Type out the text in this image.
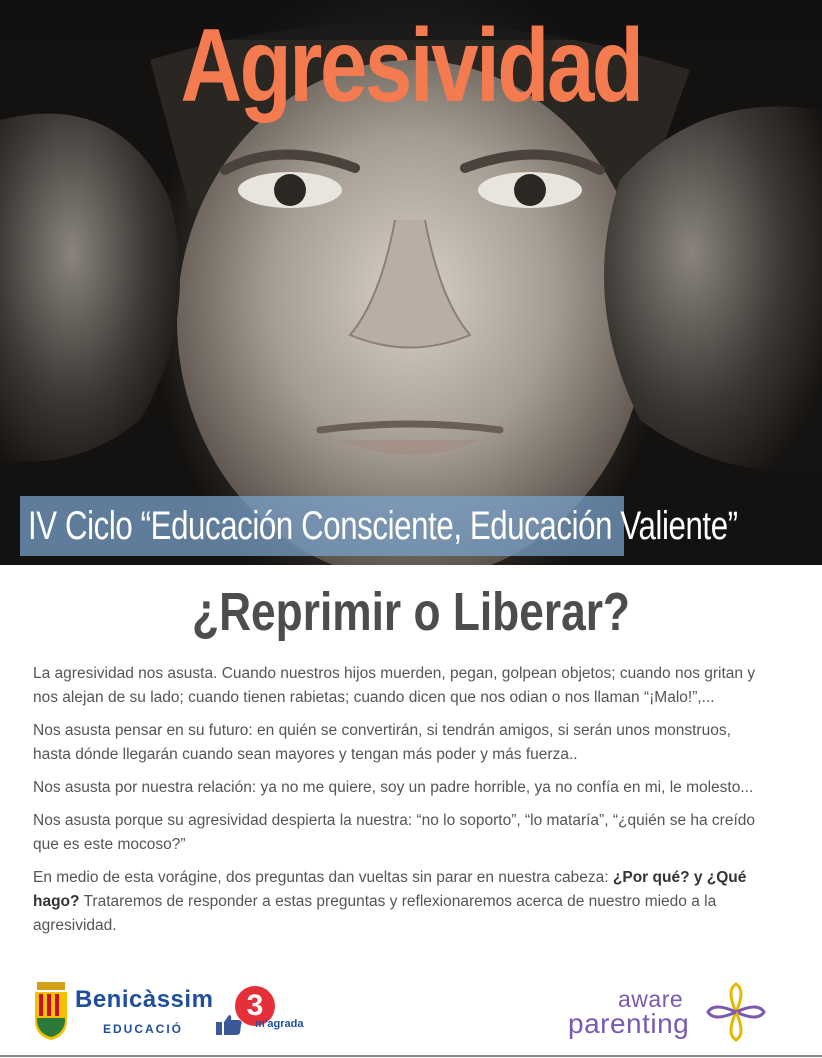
Agresividad
IV Ciclo “Educación Consciente, Educación Valiente”
¿Reprimir o Liberar?

La agresividad nos asusta. Cuando nuestros hijos muerden, pegan, golpean objetos; cuando nos gritan y nos alejan de su lado; cuando tienen rabietas; cuando dicen que nos odian o nos llaman “¡Malo!”,...

Nos asusta pensar en su futuro: en quién se convertirán, si tendrán amigos, si serán unos monstruos, hasta dónde llegarán cuando sean mayores y tengan más poder y más fuerza..

Nos asusta por nuestra relación: ya no me quiere, soy un padre horrible, ya no confía en mi, le molesto...

Nos asusta porque su agresividad despierta la nuestra: “no lo soporto”, “lo mataría”, “¿quién se ha creído que es este mocoso?”

En medio de esta vorágine, dos preguntas dan vueltas sin parar en nuestra cabeza: ¿Por qué? y ¿Qué hago? Trataremos de responder a estas preguntas y reflexionaremos acerca de nuestro miedo a la agresividad.

Benicàssim
EDUCACIÓ
3
m'agrada
aware
parenting
